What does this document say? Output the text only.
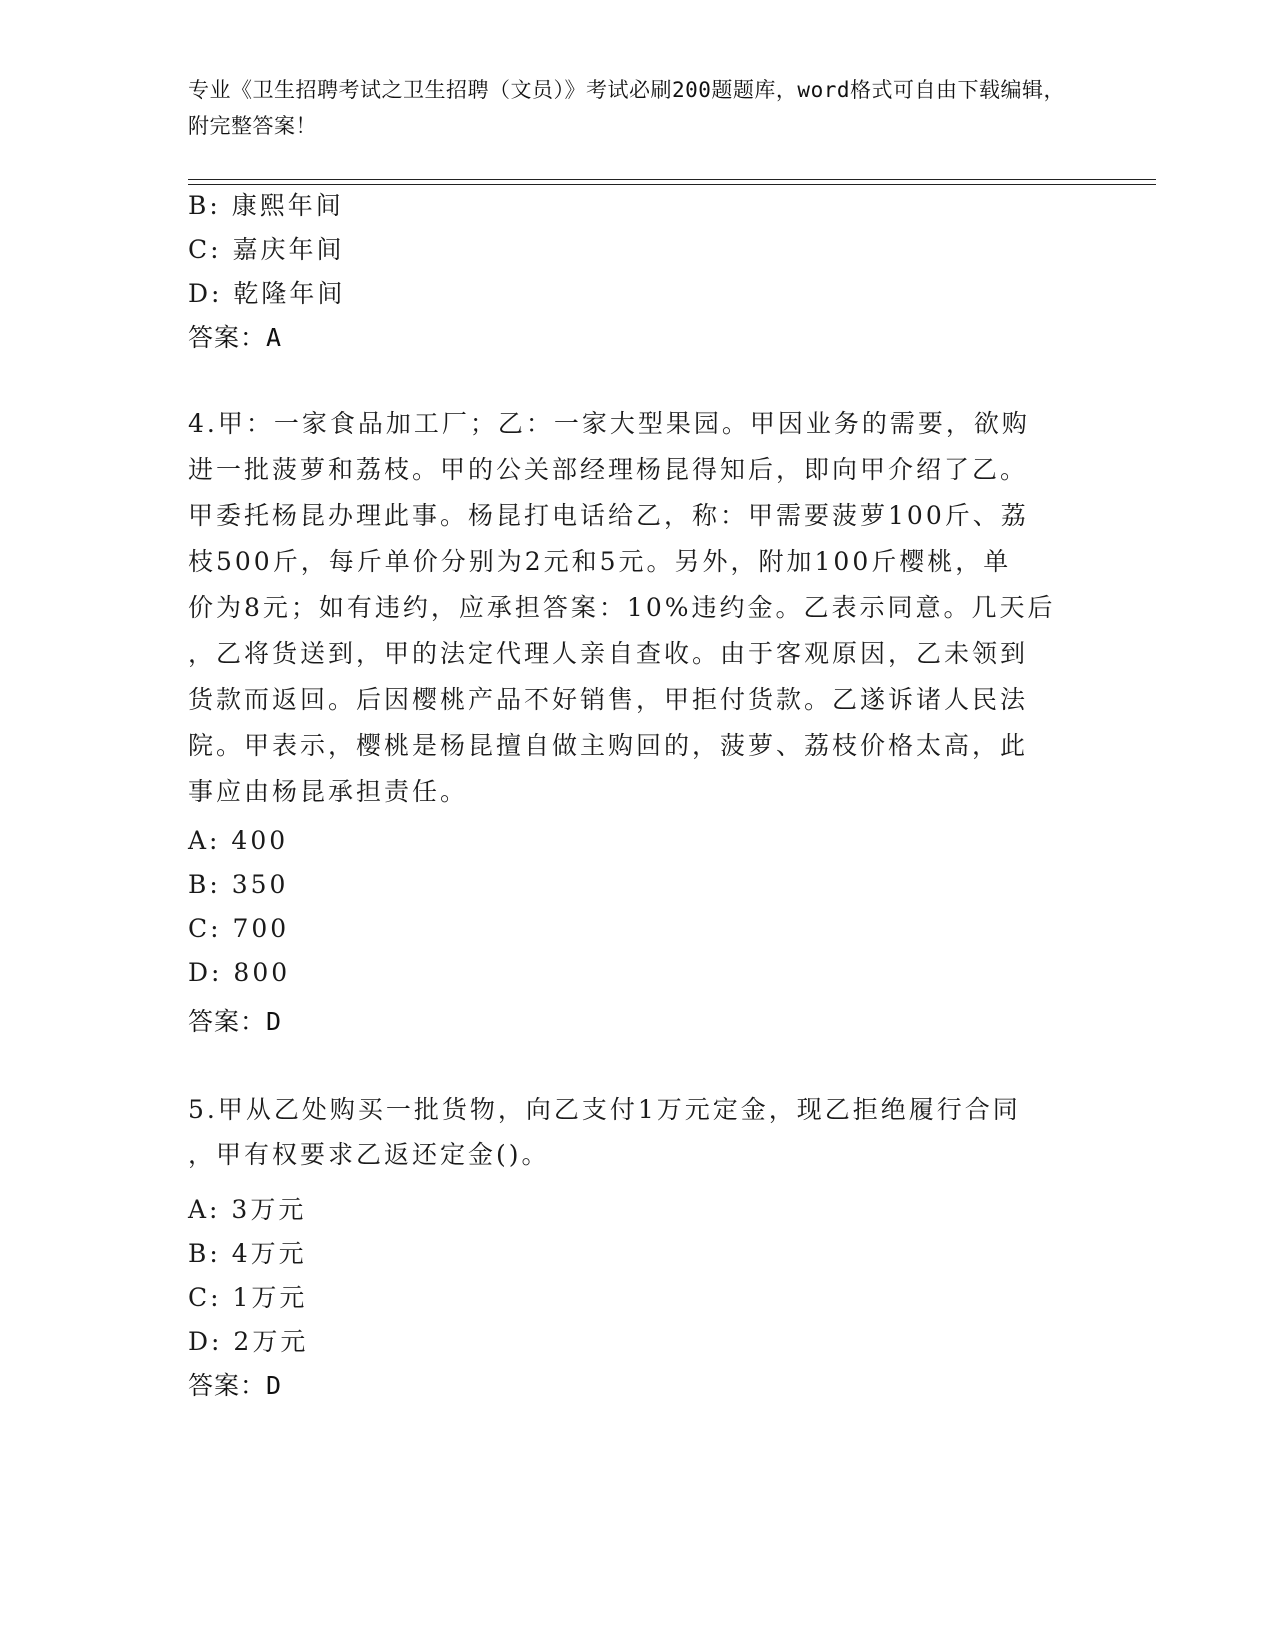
专业《卫生招聘考试之卫生招聘（文员）》考试必刷200题题库，word格式可自由下载编辑，附完整答案！
B: 康熙年间
C: 嘉庆年间
D: 乾隆年间
答案：A
4.甲：一家食品加工厂；乙：一家大型果园。甲因业务的需要，欲购
进一批菠萝和荔枝。甲的公关部经理杨昆得知后，即向甲介绍了乙。
甲委托杨昆办理此事。杨昆打电话给乙，称：甲需要菠萝100斤、荔
枝500斤，每斤单价分别为2元和5元。另外，附加100斤樱桃，单
价为8元；如有违约，应承担答案：10%违约金。乙表示同意。几天后
，乙将货送到，甲的法定代理人亲自查收。由于客观原因，乙未领到
货款而返回。后因樱桃产品不好销售，甲拒付货款。乙遂诉诸人民法
院。甲表示，樱桃是杨昆擅自做主购回的，菠萝、荔枝价格太高，此
事应由杨昆承担责任。
A: 400
B: 350
C: 700
D: 800
答案：D
5.甲从乙处购买一批货物，向乙支付1万元定金，现乙拒绝履行合同
，甲有权要求乙返还定金()。
A: 3万元
B: 4万元
C: 1万元
D: 2万元
答案：D
